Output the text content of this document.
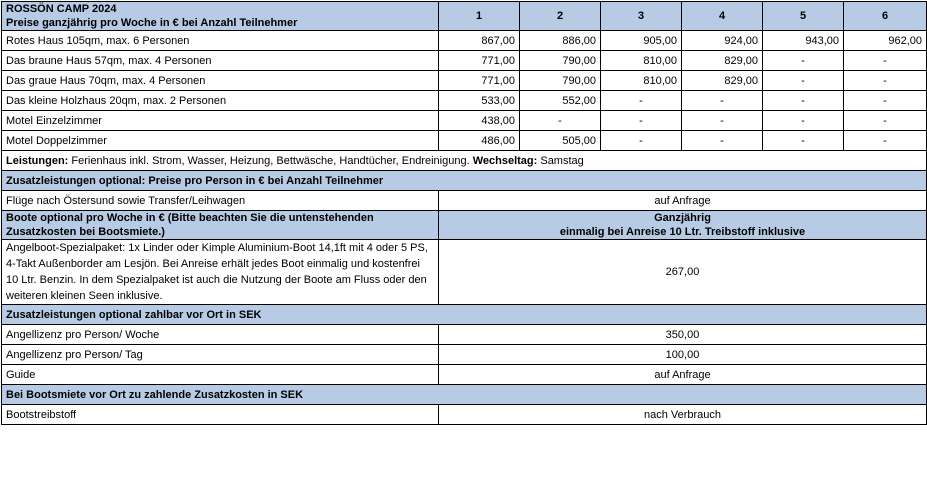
ROSSÖN CAMP 2024
Preise ganzjährig pro Woche in € bei Anzahl Teilnehmer	1	2	3	4	5	6
Rotes Haus 105qm, max. 6 Personen	867,00	886,00	905,00	924,00	943,00	962,00
Das braune Haus 57qm, max. 4 Personen	771,00	790,00	810,00	829,00	-	-
Das graue Haus 70qm, max. 4 Personen	771,00	790,00	810,00	829,00	-	-
Das kleine Holzhaus 20qm, max. 2 Personen	533,00	552,00	-	-	-	-
Motel Einzelzimmer	438,00	-	-	-	-	-
Motel Doppelzimmer	486,00	505,00	-	-	-	-
Leistungen: Ferienhaus inkl. Strom, Wasser, Heizung, Bettwäsche, Handtücher, Endreinigung. Wechseltag: Samstag						
Zusatzleistungen optional: Preise pro Person in € bei Anzahl Teilnehmer						
Flüge nach Östersund sowie Transfer/Leihwagen	auf Anfrage					
Boote optional pro Woche in € (Bitte beachten Sie die untenstehenden Zusatzkosten bei Bootsmiete.)	Ganzjährig
einmalig bei Anreise 10 Ltr. Treibstoff inklusive					

Angelboot-Spezialpaket: 1x Linder oder Kimple Aluminium-Boot 14,1ft mit 4 oder 5 PS, 4-Takt Außenborder am Lesjön. Bei Anreise erhält jedes Boot einmalig und kostenfrei 10 Ltr. Benzin. In dem Spezialpaket ist auch die Nutzung der Boote am Fluss oder den weiteren kleinen Seen inklusive.	267,00					
Zusatzleistungen optional zahlbar vor Ort in SEK						
Angellizenz pro Person/ Woche	350,00					
Angellizenz pro Person/ Tag	100,00					
Guide	auf Anfrage					
Bei Bootsmiete vor Ort zu zahlende Zusatzkosten in SEK						
Bootstreibstoff	nach Verbrauch					
